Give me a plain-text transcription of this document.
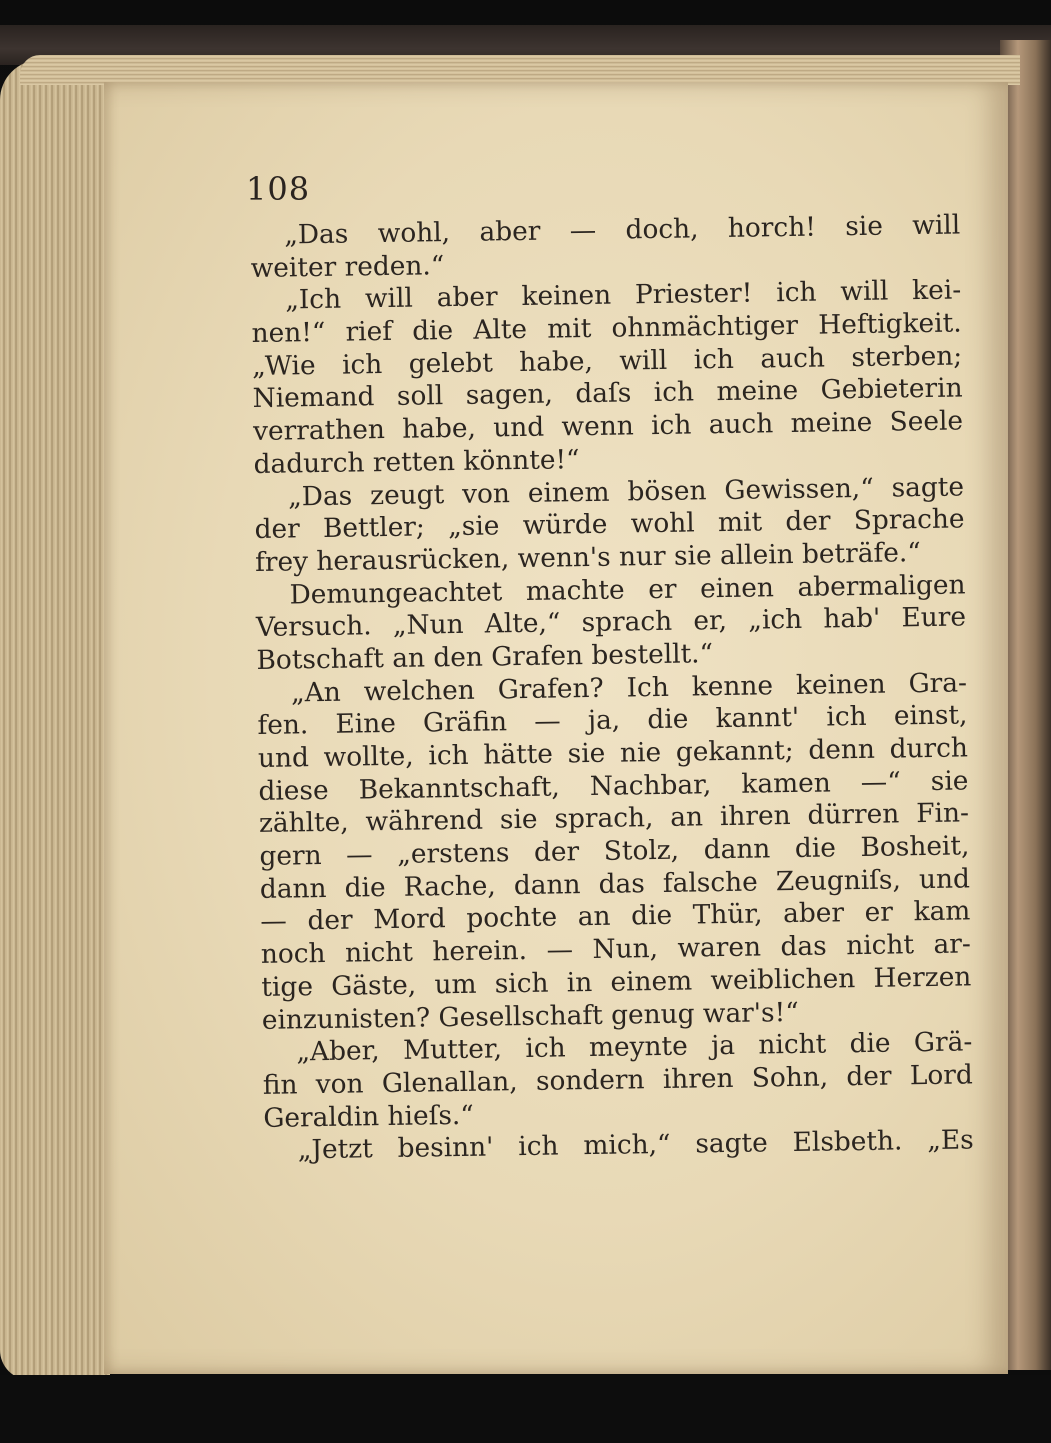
108
„Das wohl, aber — doch, horch! sie will
weiter reden.“
„Ich will aber keinen Priester! ich will kei-
nen!“ rief die Alte mit ohnmächtiger Heftigkeit.
„Wie ich gelebt habe, will ich auch sterben;
Niemand soll sagen, daſs ich meine Gebieterin
verrathen habe, und wenn ich auch meine Seele
dadurch retten könnte!“
„Das zeugt von einem bösen Gewissen,“ sagte
der Bettler; „sie würde wohl mit der Sprache
frey herausrücken, wenn's nur sie allein beträfe.“
Demungeachtet machte er einen abermaligen
Versuch. „Nun Alte,“ sprach er, „ich hab' Eure
Botschaft an den Grafen bestellt.“
„An welchen Grafen? Ich kenne keinen Gra-
fen. Eine Gräfin — ja, die kannt' ich einst,
und wollte, ich hätte sie nie gekannt; denn durch
diese Bekanntschaft, Nachbar, kamen —“ sie
zählte, während sie sprach, an ihren dürren Fin-
gern — „erstens der Stolz, dann die Bosheit,
dann die Rache, dann das falsche Zeugniſs, und
— der Mord pochte an die Thür, aber er kam
noch nicht herein. — Nun, waren das nicht ar-
tige Gäste, um sich in einem weiblichen Herzen
einzunisten? Gesellschaft genug war's!“
„Aber, Mutter, ich meynte ja nicht die Grä-
fin von Glenallan, sondern ihren Sohn, der Lord
Geraldin hieſs.“
„Jetzt besinn' ich mich,“ sagte Elsbeth. „Es
